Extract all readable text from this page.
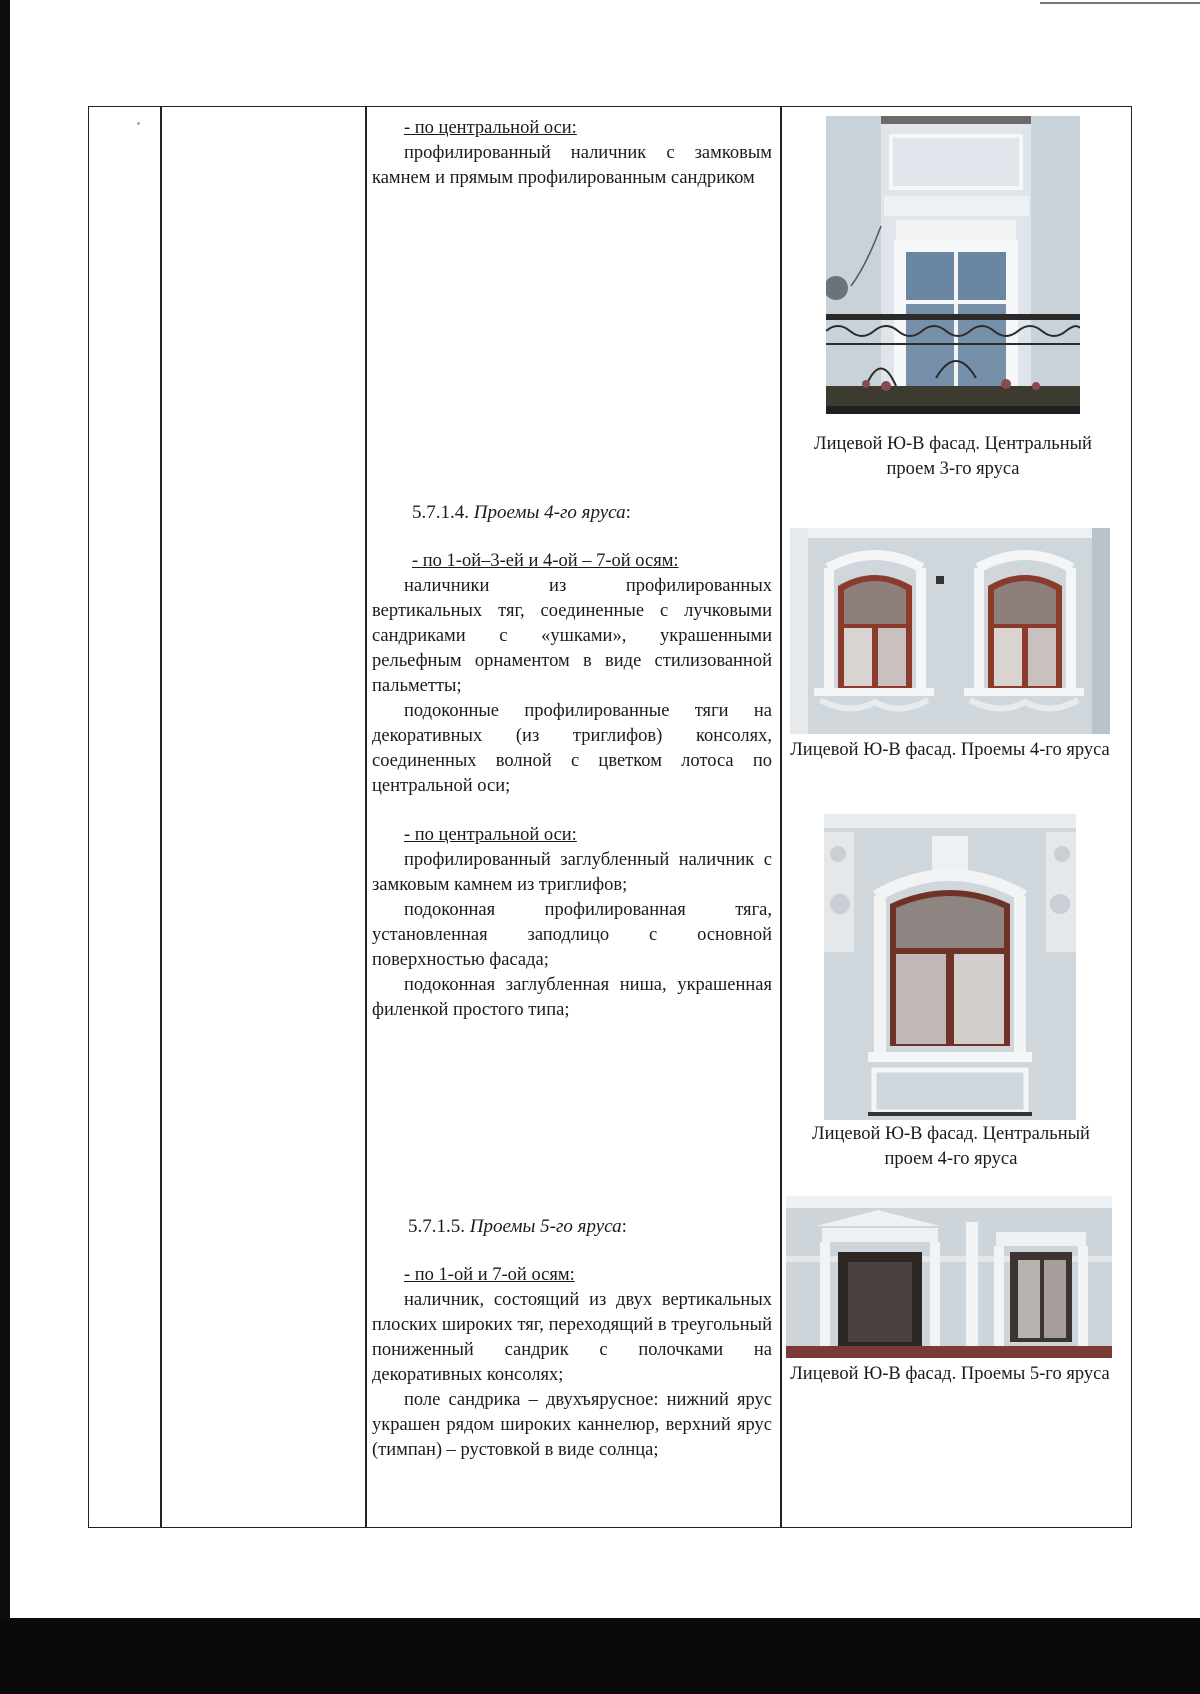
- по центральной оси:

профилированный наличник с замковым камнем и прямым профилированным сандриком

Лицевой Ю-В фасад. Центральный проем 3-го яруса

5.7.1.4. Проемы 4-го яруса:

- по 1-ой–3-ей и 4-ой – 7-ой осям:

наличники из профилированных вертикальных тяг, соединенные с лучковыми сандриками с «ушками», украшенными рельефным орнаментом в виде стилизованной пальметты;

подоконные профилированные тяги на декоративных (из триглифов) консолях, соединенных волной с цветком лотоса по центральной оси;

- по центральной оси:

профилированный заглубленный наличник с замковым камнем из триглифов;

подоконная профилированная тяга, установленная заподлицо с основной поверхностью фасада;

подоконная заглубленная ниша, украшенная филенкой простого типа;

Лицевой Ю-В фасад. Проемы 4-го яруса
Лицевой Ю-В фасад. Центральный проем 4-го яруса

5.7.1.5. Проемы 5-го яруса:

- по 1-ой и 7-ой осям:

наличник, состоящий из двух вертикальных плоских широких тяг, переходящий в треугольный пониженный сандрик с полочками на декоративных консолях;

поле сандрика – двухъярусное: нижний ярус украшен рядом широких каннелюр, верхний ярус (тимпан) – рустовкой в виде солнца;

Лицевой Ю-В фасад. Проемы 5-го яруса
